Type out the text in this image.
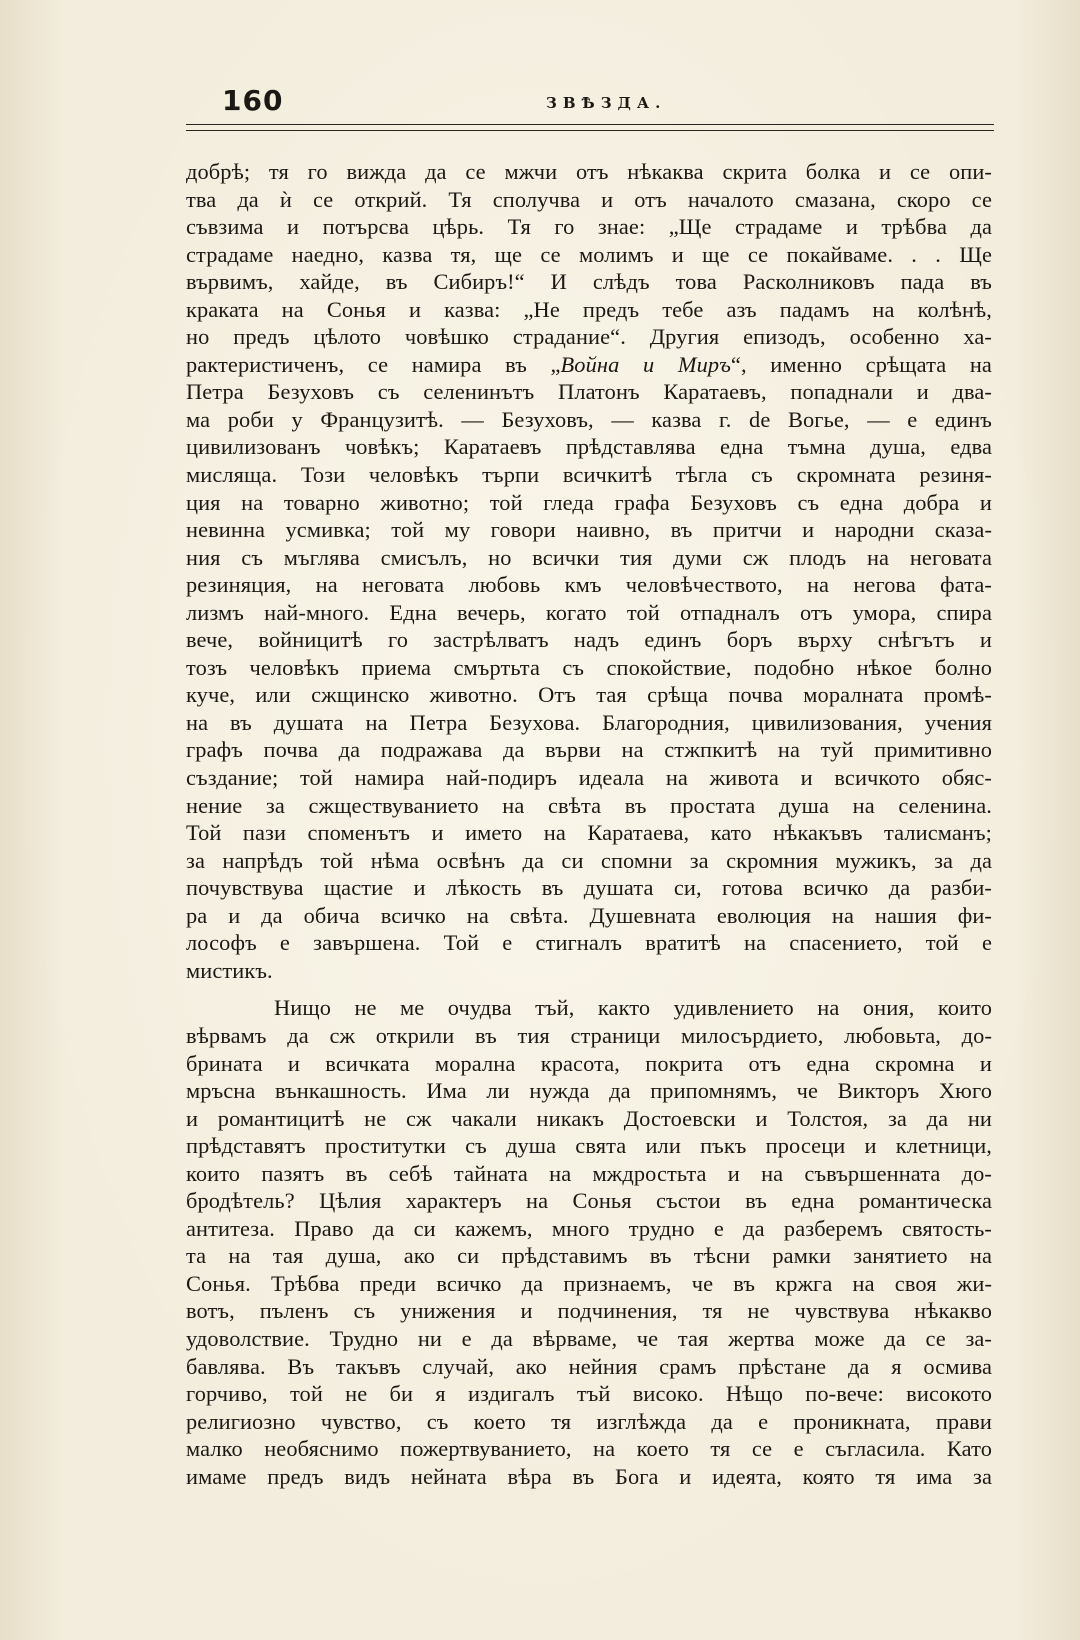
160	ЗВѢЗДА.
добрѣ; тя го вижда да се мжчи отъ нѣкаква скрита болка и се опи-
тва да ѝ се открий. Тя сполучва и отъ началото смазана, скоро се
съвзима и потърсва цѣрь. Тя го знае: „Ще страдаме и трѣбва да
страдаме наедно, казва тя, ще се молимъ и ще се покайваме. . . Ще
вървимъ, хайде, въ Сибиръ!“ И слѣдъ това Расколниковъ пада въ
краката на Сонья и казва: „Не предъ тебе азъ падамъ на колѣнѣ,
но предъ цѣлото човѣшко страдание“. Другия епизодъ, особенно ха-
рактеристиченъ, се намира въ „Война и Миръ“, именно срѣщата на
Петра Безуховъ съ селенинътъ Платонъ Каратаевъ, попаднали и два-
ма роби у Французитѣ. — Безуховъ, — казва г. de Вогье, — е единъ
цивилизованъ човѣкъ; Каратаевъ прѣдставлява една тъмна душа, едва
мисляща. Този человѣкъ търпи всичкитѣ тѣгла съ скромната резиня-
ция на товарно животно; той гледа графа Безуховъ съ една добра и
невинна усмивка; той му говори наивно, въ притчи и народни сказа-
ния съ мъглява смисълъ, но всички тия думи сж плодъ на неговата
резиняция, на неговата любовь кмъ человѣчеството, на негова фата-
лизмъ най-много. Една вечерь, когато той отпадналъ отъ умора, спира
вече, войницитѣ го застрѣлватъ надъ единъ боръ върху снѣгътъ и
тозъ человѣкъ приема смъртьта съ спокойствие, подобно нѣкое болно
куче, или сжщинско животно. Отъ тая срѣща почва моралната промѣ-
на въ душата на Петра Безухова. Благородния, цивилизования, учения
графъ почва да подражава да върви на стжпкитѣ на туй примитивно
създание; той намира най-подиръ идеала на живота и всичкото обяс-
нение за сжществуванието на свѣта въ простата душа на селенина.
Той пази споменътъ и името на Каратаева, като нѣкакъвъ талисманъ;
за напрѣдъ той нѣма освѣнъ да си спомни за скромния мужикъ, за да
почувствува щастие и лѣкость въ душата си, готова всичко да разби-
ра и да обича всичко на свѣта. Душевната еволюция на нашия фи-
лософъ е завършена. Той е стигналъ вратитѣ на спасението, той е
мистикъ.
Нищо не ме очудва тъй, както удивлението на ония, които
вѣрвамъ да сж открили въ тия страници милосърдието, любовьта, до-
брината и всичката морална красота, покрита отъ една скромна и
мръсна вънкашность. Има ли нужда да припомнямъ, че Викторъ Хюго
и романтицитѣ не сж чакали никакъ Достоевски и Толстоя, за да ни
прѣдставятъ проститутки съ душа свята или пъкъ просеци и клетници,
които пазятъ въ себѣ тайната на мждростьта и на съвършенната до-
бродѣтель? Цѣлия характеръ на Сонья състои въ една романтическа
антитеза. Право да си кажемъ, много трудно е да разберемъ святость-
та на тая душа, ако си прѣдставимъ въ тѣсни рамки занятието на
Сонья. Трѣбва преди всичко да признаемъ, че въ кржга на своя жи-
вотъ, пъленъ съ унижения и подчинения, тя не чувствува нѣкакво
удоволствие. Трудно ни е да вѣрваме, че тая жертва може да се за-
бавлява. Въ такъвъ случай, ако нейния срамъ прѣстане да я осмива
горчиво, той не би я издигалъ тъй високо. Нѣщо по-вече: високото
религиозно чувство, съ което тя изглѣжда да е проникната, прави
малко необяснимо пожертвуванието, на което тя се е съгласила. Като
имаме предъ видъ нейната вѣра въ Бога и идеята, която тя има за
